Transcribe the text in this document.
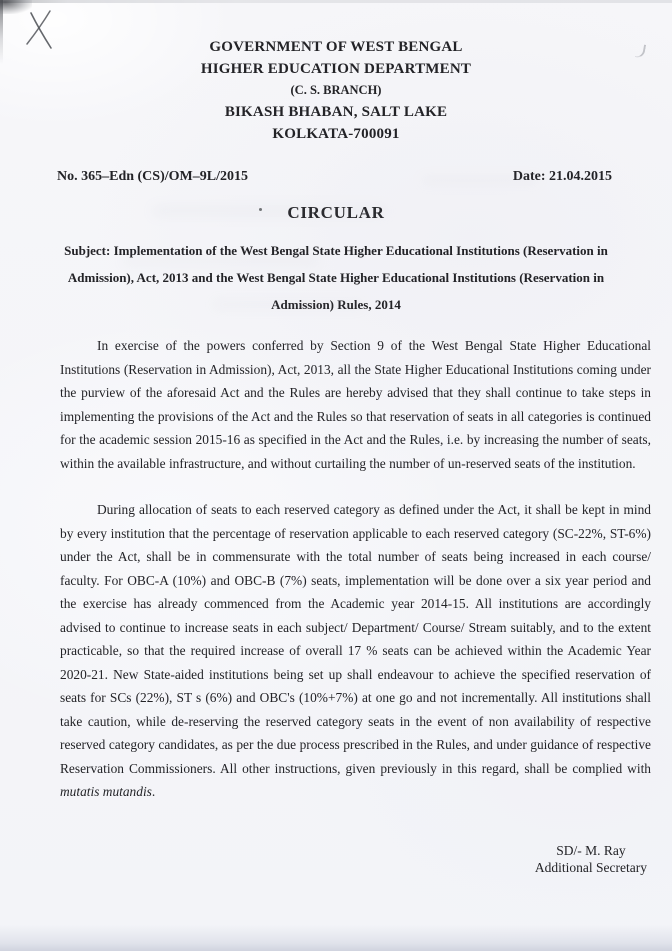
GOVERNMENT OF WEST BENGAL
HIGHER EDUCATION DEPARTMENT
(C. S. BRANCH)
BIKASH BHABAN, SALT LAKE
KOLKATA-700091
No. 365–Edn (CS)/OM–9L/2015	Date: 21.04.2015
CIRCULAR
Subject: Implementation of the West Bengal State Higher Educational Institutions (Reservation in
Admission), Act, 2013 and the West Bengal State Higher Educational Institutions (Reservation in
Admission) Rules, 2014

In exercise of the powers conferred by Section 9 of the West Bengal State Higher Educational Institutions (Reservation in Admission), Act, 2013, all the State Higher Educational Institutions coming under the purview of the aforesaid Act and the Rules are hereby advised that they shall continue to take steps in implementing the provisions of the Act and the Rules so that reservation of seats in all categories is continued for the academic session 2015-16 as specified in the Act and the Rules, i.e. by increasing the number of seats, within the available infrastructure, and without curtailing the number of un-reserved seats of the institution.

During allocation of seats to each reserved category as defined under the Act, it shall be kept in mind by every institution that the percentage of reservation applicable to each reserved category (SC-22%, ST-6%) under the Act, shall be in commensurate with the total number of seats being increased in each course/ faculty. For OBC-A (10%) and OBC-B (7%) seats, implementation will be done over a six year period and the exercise has already commenced from the Academic year 2014-15. All institutions are accordingly advised to continue to increase seats in each subject/ Department/ Course/ Stream suitably, and to the extent practicable, so that the required increase of overall 17 % seats can be achieved within the Academic Year 2020-21. New State-aided institutions being set up shall endeavour to achieve the specified reservation of seats for SCs (22%), ST s (6%) and OBC's (10%+7%) at one go and not incrementally. All institutions shall take caution, while de-reserving the reserved category seats in the event of non availability of respective reserved category candidates, as per the due process prescribed in the Rules, and under guidance of respective Reservation Commissioners. All other instructions, given previously in this regard, shall be complied with mutatis mutandis.

SD/- M. Ray
Additional Secretary
